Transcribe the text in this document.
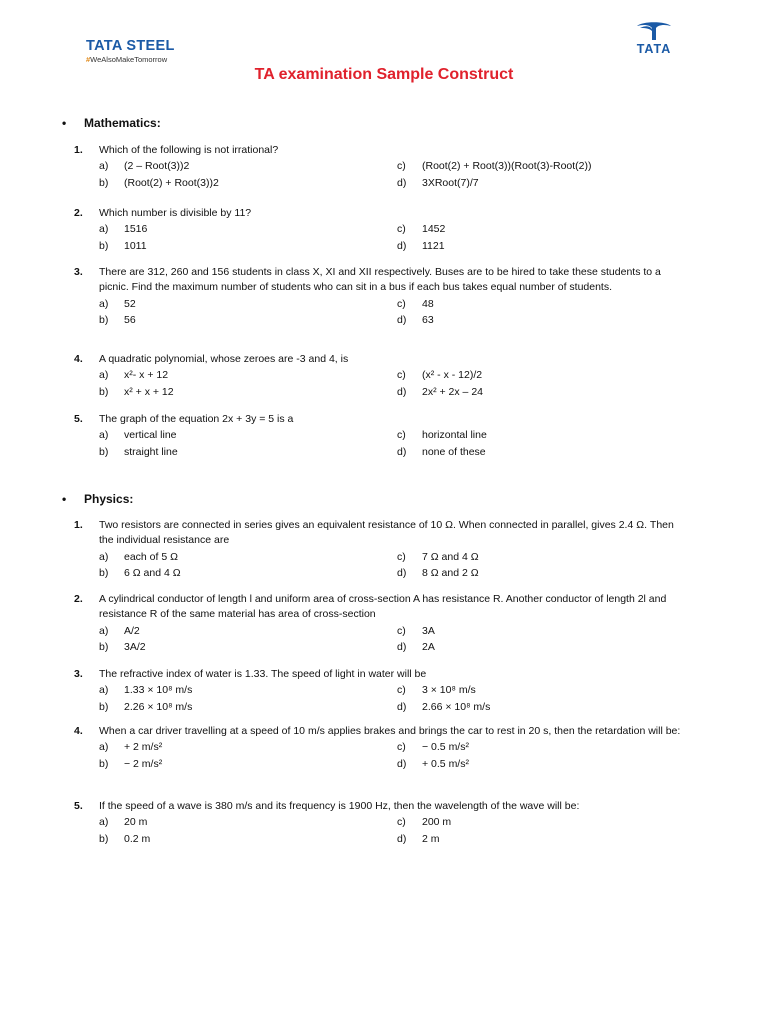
TATA STEEL
#WeAlsoMakeTomorrow
TATA
TA examination Sample Construct
• Mathematics:
1. Which of the following is not irrational?
a)	(2 – Root(3))2	c)	(Root(2) + Root(3))(Root(3)-Root(2))
b)	(Root(2) + Root(3))2	d)	3XRoot(7)/7
2. Which number is divisible by 11?
a)	1516	c)	1452
b)	1011	d)	1121
3. There are 312, 260 and 156 students in class X, XI and XII respectively. Buses are to be hired to take these students to a picnic. Find the maximum number of students who can sit in a bus if each bus takes equal number of students.
a)	52	c)	48
b)	56	d)	63
4. A quadratic polynomial, whose zeroes are -3 and 4, is
a)	x²- x + 12	c)	(x² - x - 12)/2
b)	x² + x + 12	d)	2x² + 2x – 24
5. The graph of the equation 2x + 3y = 5 is a
a)	vertical line	c)	horizontal line
b)	straight line	d)	none of these
• Physics:
1. Two resistors are connected in series gives an equivalent resistance of 10 Ω. When connected in parallel, gives 2.4 Ω. Then the individual resistance are
a)	each of 5 Ω	c)	7 Ω and 4 Ω
b)	6 Ω and 4 Ω	d)	8 Ω and 2 Ω
2. A cylindrical conductor of length l and uniform area of cross-section A has resistance R. Another conductor of length 2l and resistance R of the same material has area of cross-section
a)	A/2	c)	3A
b)	3A/2	d)	2A
3. The refractive index of water is 1.33. The speed of light in water will be
a)	1.33 × 10⁸ m/s	c)	3 × 10⁸ m/s
b)	2.26 × 10⁸ m/s	d)	2.66 × 10⁸ m/s
4. When a car driver travelling at a speed of 10 m/s applies brakes and brings the car to rest in 20 s, then the retardation will be:
a)	+ 2 m/s²	c)	− 0.5 m/s²
b)	− 2 m/s²	d)	+ 0.5 m/s²
5. If the speed of a wave is 380 m/s and its frequency is 1900 Hz, then the wavelength of the wave will be:
a)	20 m	c)	200 m
b)	0.2 m	d)	2 m
